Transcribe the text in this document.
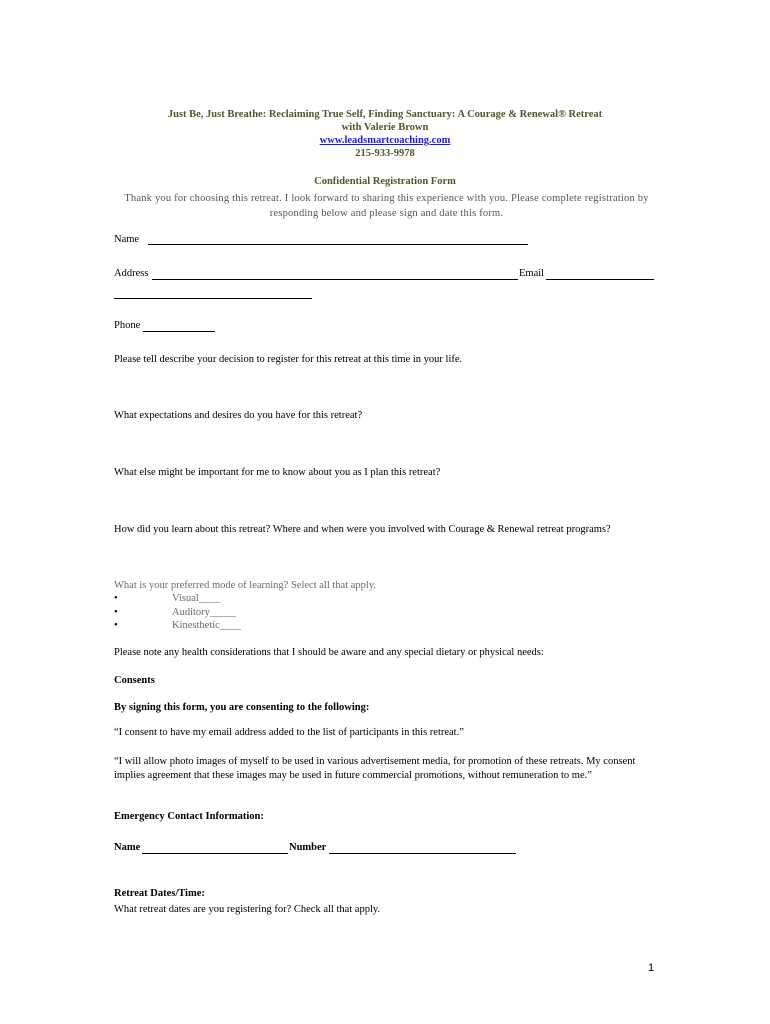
Just Be, Just Breathe: Reclaiming True Self, Finding Sanctuary: A Courage & Renewal® Retreat
with Valerie Brown
www.leadsmartcoaching.com
215-933-9978
Confidential Registration Form
Thank you for choosing this retreat. I look forward to sharing this experience with you. Please complete registration by
responding below and please sign and date this form.
Name
Address	Email
Phone
Please tell describe your decision to register for this retreat at this time in your life.
What expectations and desires do you have for this retreat?
What else might be important for me to know about you as I plan this retreat?
How did you learn about this retreat? Where and when were you involved with Courage & Renewal retreat programs?
What is your preferred mode of learning? Select all that apply.
•	Visual____
•	Auditory_____
•	Kinesthetic____
Please note any health considerations that I should be aware and any special dietary or physical needs:
Consents
By signing this form, you are consenting to the following:
“I consent to have my email address added to the list of participants in this retreat.”
“I will allow photo images of myself to be used in various advertisement media, for promotion of these retreats. My consent implies agreement that these images may be used in future commercial promotions, without remuneration to me.”
Emergency Contact Information:
Name	Number
Retreat Dates/Time:
What retreat dates are you registering for? Check all that apply.
1
